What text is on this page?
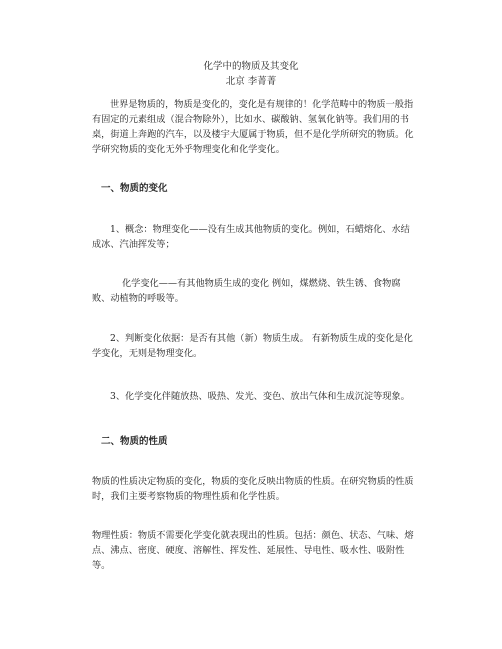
化学中的物质及其变化
北京 李菁菁

世界是物质的，物质是变化的，变化是有规律的！化学范畴中的物质一般指有固定的元素组成（混合物除外），比如水、碳酸钠、氢氧化钠等。我们用的书桌，街道上奔跑的汽车，以及楼宇大厦属于物质，但不是化学所研究的物质。化学研究物质的变化无外乎物理变化和化学变化。

一、物质的变化

1、概念：物理变化——没有生成其他物质的变化。例如，石蜡熔化、水结成冰、汽油挥发等；

化学变化——有其他物质生成的变化 例如，煤燃烧、铁生锈、食物腐败、动植物的呼吸等。

2、判断变化依据：是否有其他（新）物质生成。 有新物质生成的变化是化学变化，无则是物理变化。

3、化学变化伴随放热、吸热、发光、变色、放出气体和生成沉淀等现象。

二、物质的性质

物质的性质决定物质的变化，物质的变化反映出物质的性质。在研究物质的性质时，我们主要考察物质的物理性质和化学性质。

物理性质：物质不需要化学变化就表现出的性质。包括：颜色、状态、气味、熔点、沸点、密度、硬度、溶解性、挥发性、延展性、导电性、吸水性、吸附性等。
